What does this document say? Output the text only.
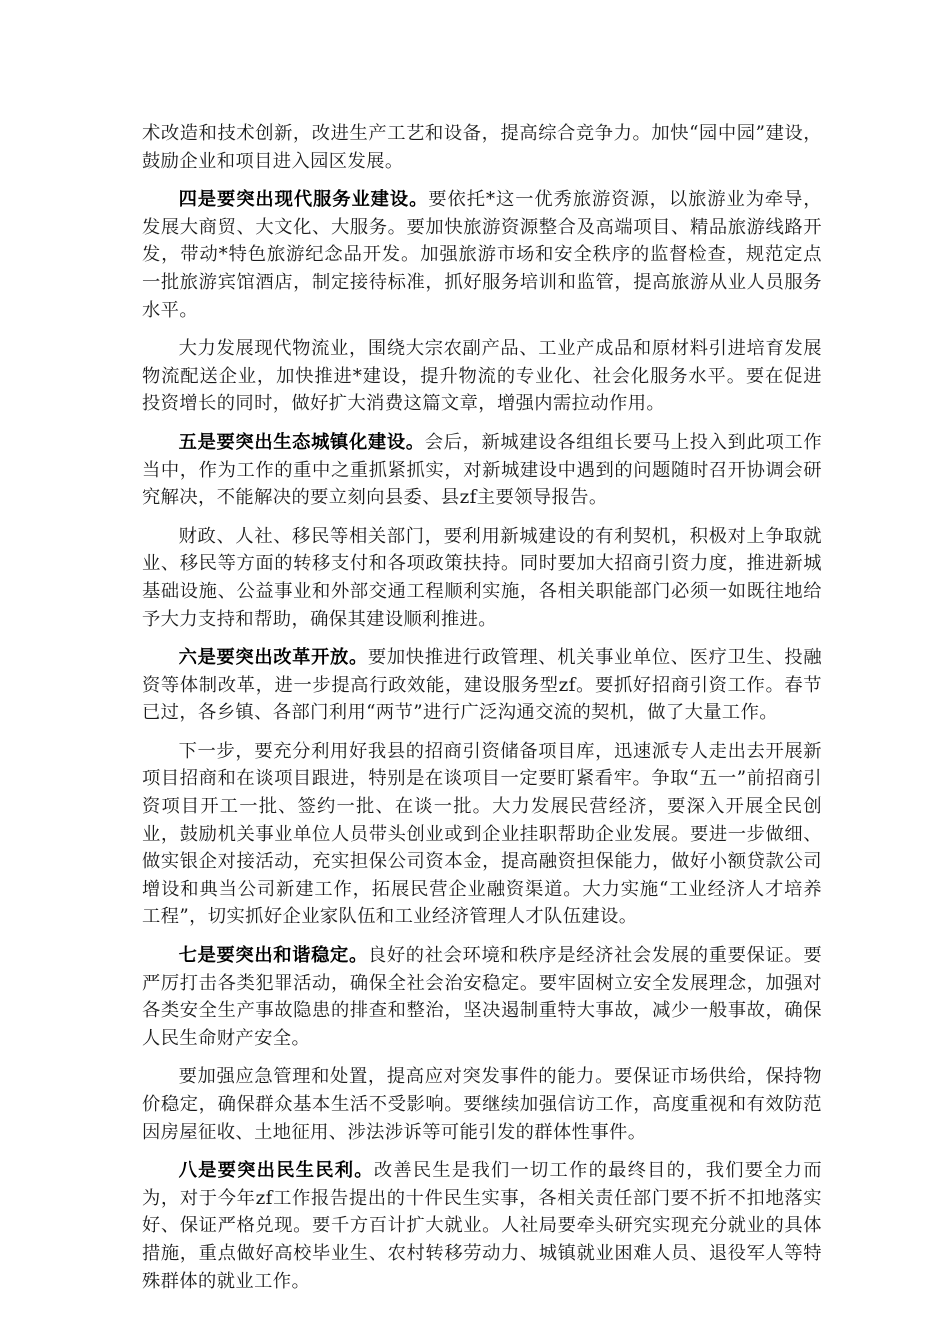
术改造和技术创新，改进生产工艺和设备，提高综合竞争力。加快“园中园”建设，鼓励企业和项目进入园区发展。

四是要突出现代服务业建设。要依托*这一优秀旅游资源，以旅游业为牵导，发展大商贸、大文化、大服务。要加快旅游资源整合及高端项目、精品旅游线路开发，带动*特色旅游纪念品开发。加强旅游市场和安全秩序的监督检查，规范定点一批旅游宾馆酒店，制定接待标准，抓好服务培训和监管，提高旅游从业人员服务水平。

大力发展现代物流业，围绕大宗农副产品、工业产成品和原材料引进培育发展物流配送企业，加快推进*建设，提升物流的专业化、社会化服务水平。要在促进投资增长的同时，做好扩大消费这篇文章，增强内需拉动作用。

五是要突出生态城镇化建设。会后，新城建设各组组长要马上投入到此项工作当中，作为工作的重中之重抓紧抓实，对新城建设中遇到的问题随时召开协调会研究解决，不能解决的要立刻向县委、县zf主要领导报告。

财政、人社、移民等相关部门，要利用新城建设的有利契机，积极对上争取就业、移民等方面的转移支付和各项政策扶持。同时要加大招商引资力度，推进新城基础设施、公益事业和外部交通工程顺利实施，各相关职能部门必须一如既往地给予大力支持和帮助，确保其建设顺利推进。

六是要突出改革开放。要加快推进行政管理、机关事业单位、医疗卫生、投融资等体制改革，进一步提高行政效能，建设服务型zf。要抓好招商引资工作。春节已过，各乡镇、各部门利用“两节”进行广泛沟通交流的契机，做了大量工作。

下一步，要充分利用好我县的招商引资储备项目库，迅速派专人走出去开展新项目招商和在谈项目跟进，特别是在谈项目一定要盯紧看牢。争取“五一”前招商引资项目开工一批、签约一批、在谈一批。大力发展民营经济，要深入开展全民创业，鼓励机关事业单位人员带头创业或到企业挂职帮助企业发展。要进一步做细、做实银企对接活动，充实担保公司资本金，提高融资担保能力，做好小额贷款公司增设和典当公司新建工作，拓展民营企业融资渠道。大力实施“工业经济人才培养工程”，切实抓好企业家队伍和工业经济管理人才队伍建设。

七是要突出和谐稳定。良好的社会环境和秩序是经济社会发展的重要保证。要严厉打击各类犯罪活动，确保全社会治安稳定。要牢固树立安全发展理念，加强对各类安全生产事故隐患的排查和整治，坚决遏制重特大事故，减少一般事故，确保人民生命财产安全。

要加强应急管理和处置，提高应对突发事件的能力。要保证市场供给，保持物价稳定，确保群众基本生活不受影响。要继续加强信访工作，高度重视和有效防范因房屋征收、土地征用、涉法涉诉等可能引发的群体性事件。

八是要突出民生民利。改善民生是我们一切工作的最终目的，我们要全力而为，对于今年zf工作报告提出的十件民生实事，各相关责任部门要不折不扣地落实好、保证严格兑现。要千方百计扩大就业。人社局要牵头研究实现充分就业的具体措施，重点做好高校毕业生、农村转移劳动力、城镇就业困难人员、退役军人等特殊群体的就业工作。
